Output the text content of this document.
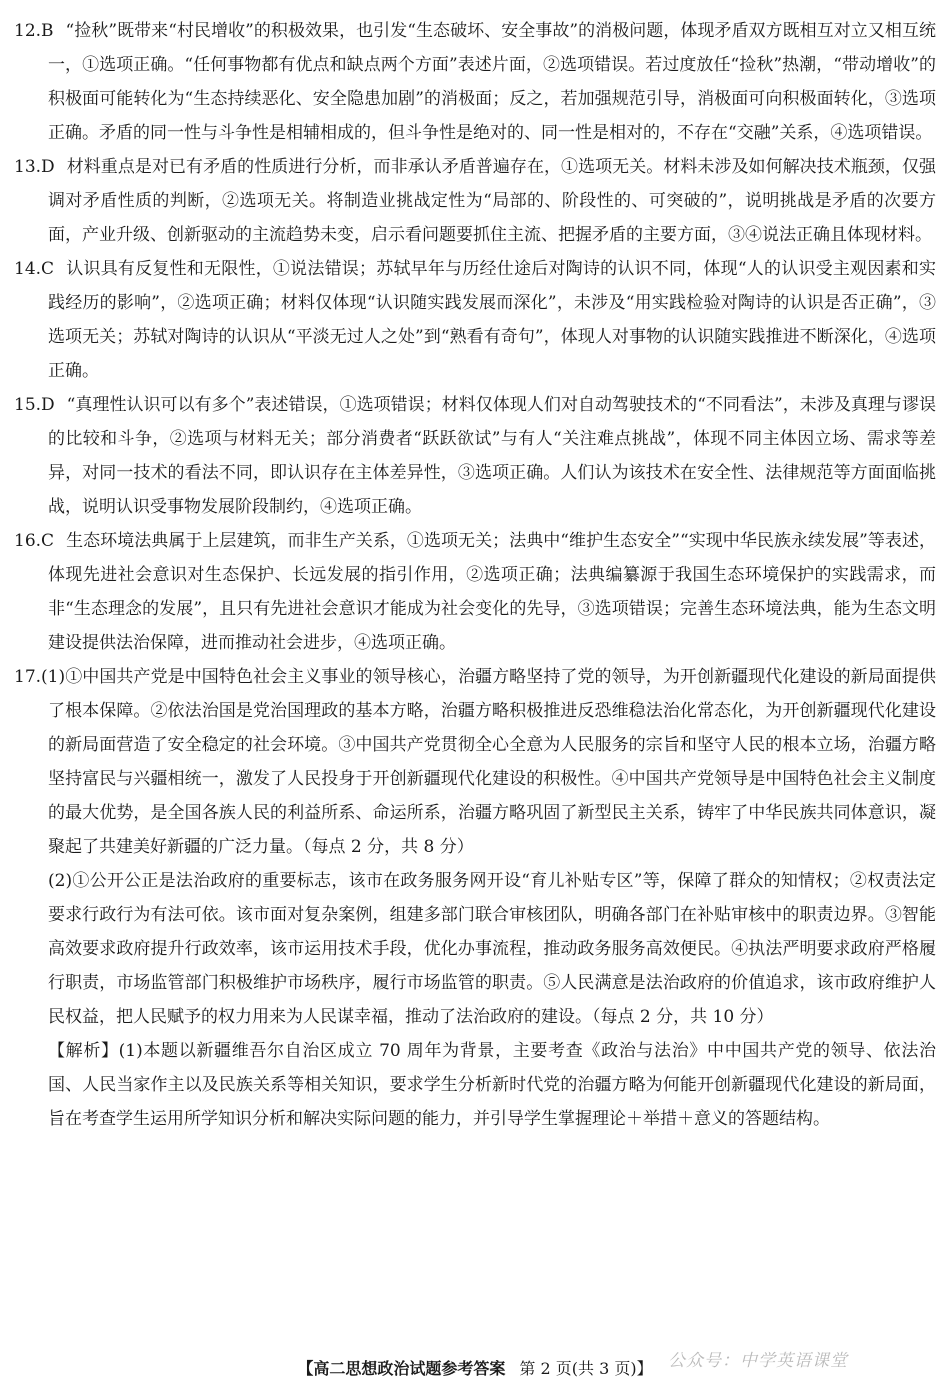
12.B “捡秋”既带来“村民增收”的积极效果，也引发“生态破坏、安全事故”的消极问题，体现矛盾双方既相互对立又相互统一，①选项正确。“任何事物都有优点和缺点两个方面”表述片面，②选项错误。若过度放任“捡秋”热潮，“带动增收”的积极面可能转化为“生态持续恶化、安全隐患加剧”的消极面；反之，若加强规范引导，消极面可向积极面转化，③选项正确。矛盾的同一性与斗争性是相辅相成的，但斗争性是绝对的、同一性是相对的，不存在“交融”关系，④选项错误。

13.D 材料重点是对已有矛盾的性质进行分析，而非承认矛盾普遍存在，①选项无关。材料未涉及如何解决技术瓶颈，仅强调对矛盾性质的判断，②选项无关。将制造业挑战定性为“局部的、阶段性的、可突破的”，说明挑战是矛盾的次要方面，产业升级、创新驱动的主流趋势未变，启示看问题要抓住主流、把握矛盾的主要方面，③④说法正确且体现材料。

14.C 认识具有反复性和无限性，①说法错误；苏轼早年与历经仕途后对陶诗的认识不同，体现“人的认识受主观因素和实践经历的影响”，②选项正确；材料仅体现“认识随实践发展而深化”，未涉及“用实践检验对陶诗的认识是否正确”，③选项无关；苏轼对陶诗的认识从“平淡无过人之处”到“熟看有奇句”，体现人对事物的认识随实践推进不断深化，④选项正确。

15.D “真理性认识可以有多个”表述错误，①选项错误；材料仅体现人们对自动驾驶技术的“不同看法”，未涉及真理与谬误的比较和斗争，②选项与材料无关；部分消费者“跃跃欲试”与有人“关注难点挑战”，体现不同主体因立场、需求等差异，对同一技术的看法不同，即认识存在主体差异性，③选项正确。人们认为该技术在安全性、法律规范等方面面临挑战，说明认识受事物发展阶段制约，④选项正确。

16.C 生态环境法典属于上层建筑，而非生产关系，①选项无关；法典中“维护生态安全”“实现中华民族永续发展”等表述，体现先进社会意识对生态保护、长远发展的指引作用，②选项正确；法典编纂源于我国生态环境保护的实践需求，而非“生态理念的发展”，且只有先进社会意识才能成为社会变化的先导，③选项错误；完善生态环境法典，能为生态文明建设提供法治保障，进而推动社会进步，④选项正确。

17.(1)①中国共产党是中国特色社会主义事业的领导核心，治疆方略坚持了党的领导，为开创新疆现代化建设的新局面提供了根本保障。②依法治国是党治国理政的基本方略，治疆方略积极推进反恐维稳法治化常态化，为开创新疆现代化建设的新局面营造了安全稳定的社会环境。③中国共产党贯彻全心全意为人民服务的宗旨和坚守人民的根本立场，治疆方略坚持富民与兴疆相统一，激发了人民投身于开创新疆现代化建设的积极性。④中国共产党领导是中国特色社会主义制度的最大优势，是全国各族人民的利益所系、命运所系，治疆方略巩固了新型民主关系，铸牢了中华民族共同体意识，凝聚起了共建美好新疆的广泛力量。（每点 2 分，共 8 分）

(2)①公开公正是法治政府的重要标志，该市在政务服务网开设“育儿补贴专区”等，保障了群众的知情权；②权责法定要求行政行为有法可依。该市面对复杂案例，组建多部门联合审核团队，明确各部门在补贴审核中的职责边界。③智能高效要求政府提升行政效率，该市运用技术手段，优化办事流程，推动政务服务高效便民。④执法严明要求政府严格履行职责，市场监管部门积极维护市场秩序，履行市场监管的职责。⑤人民满意是法治政府的价值追求，该市政府维护人民权益，把人民赋予的权力用来为人民谋幸福，推动了法治政府的建设。（每点 2 分，共 10 分）

【解析】(1)本题以新疆维吾尔自治区成立 70 周年为背景，主要考查《政治与法治》中中国共产党的领导、依法治国、人民当家作主以及民族关系等相关知识，要求学生分析新时代党的治疆方略为何能开创新疆现代化建设的新局面，旨在考查学生运用所学知识分析和解决实际问题的能力，并引导学生掌握理论＋举措＋意义的答题结构。

【高二思想政治试题参考答案 第 2 页(共 3 页)】 公众号：中学英语课堂
